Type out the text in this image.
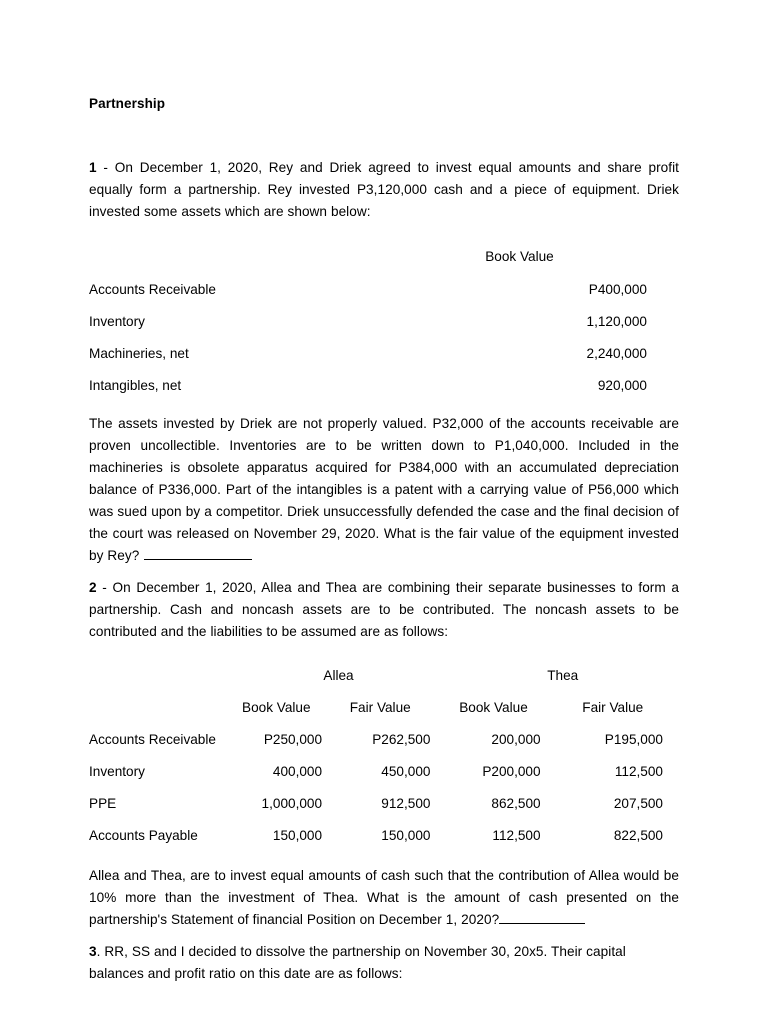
Partnership

1 - On December 1, 2020, Rey and Driek agreed to invest equal amounts and share profit equally form a partnership. Rey invested P3,120,000 cash and a piece of equipment. Driek invested some assets which are shown below:

	Book Value
Accounts Receivable	P400,000
Inventory	1,120,000
Machineries, net	2,240,000
Intangibles, net	920,000

The assets invested by Driek are not properly valued. P32,000 of the accounts receivable are proven uncollectible. Inventories are to be written down to P1,040,000. Included in the machineries is obsolete apparatus acquired for P384,000 with an accumulated depreciation balance of P336,000. Part of the intangibles is a patent with a carrying value of P56,000 which was sued upon by a competitor. Driek unsuccessfully defended the case and the final decision of the court was released on November 29, 2020. What is the fair value of the equipment invested by Rey?

2 - On December 1, 2020, Allea and Thea are combining their separate businesses to form a partnership. Cash and noncash assets are to be contributed. The noncash assets to be contributed and the liabilities to be assumed are as follows:

	Allea		Thea	
	Book Value	Fair Value	Book Value	Fair Value
Accounts Receivable	P250,000	P262,500	200,000	P195,000
Inventory	400,000	450,000	P200,000	112,500
PPE	1,000,000	912,500	862,500	207,500
Accounts Payable	150,000	150,000	112,500	822,500

Allea and Thea, are to invest equal amounts of cash such that the contribution of Allea would be 10% more than the investment of Thea. What is the amount of cash presented on the partnership's Statement of financial Position on December 1, 2020?

3. RR, SS and I decided to dissolve the partnership on November 30, 20x5. Their capital balances and profit ratio on this date are as follows:
